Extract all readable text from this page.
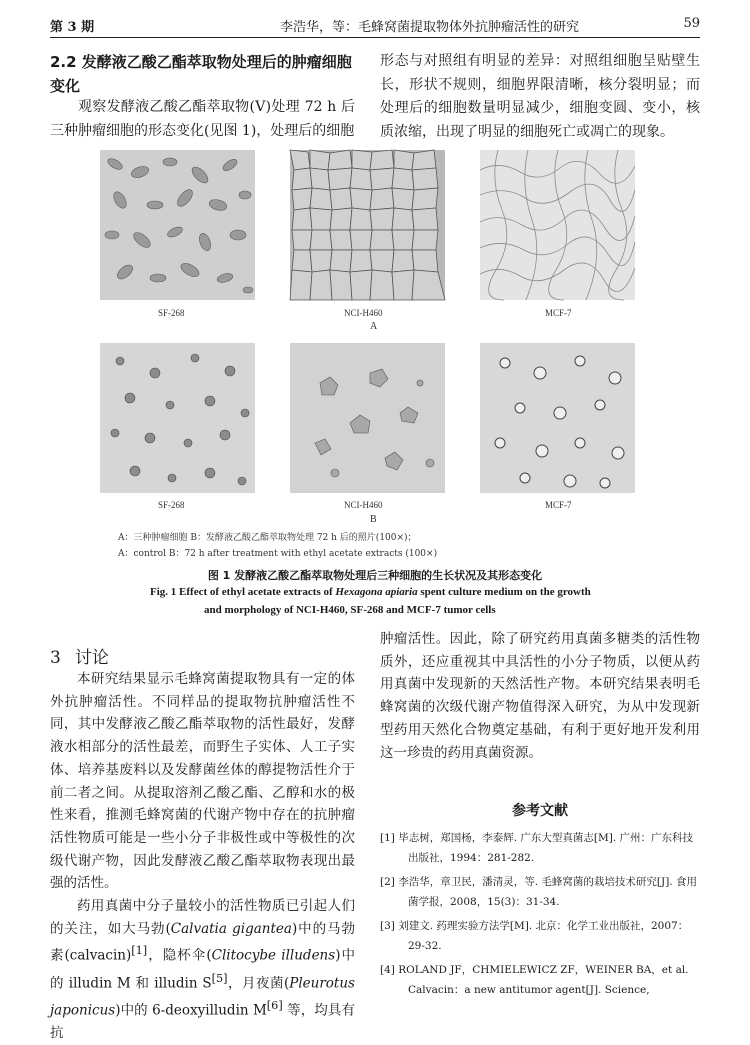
第 3 期	李浩华，等：毛蜂窝菌提取物体外抗肿瘤活性的研究	59
2.2 发酵液乙酸乙酯萃取物处理后的肿瘤细胞变化

观察发酵液乙酸乙酯萃取物(Ⅴ)处理 72 h 后三种肿瘤细胞的形态变化(见图 1)，处理后的细胞

形态与对照组有明显的差异：对照组细胞呈贴壁生长，形状不规则，细胞界限清晰，核分裂明显；而处理后的细胞数量明显减少，细胞变圆、变小，核质浓缩，出现了明显的细胞死亡或凋亡的现象。

SF-268	NCI-H460	MCF-7
A
SF-268	NCI-H460	MCF-7
B
A：三种肿瘤细胞 B：发酵液乙酸乙酯萃取物处理 72 h 后的照片(100×)；
A：control B：72 h after treatment with ethyl acetate extracts (100×)
图 1 发酵液乙酸乙酯萃取物处理后三种细胞的生长状况及其形态变化
Fig. 1 Effect of ethyl acetate extracts of Hexagona apiaria spent culture medium on the growth
and morphology of NCI-H460, SF-268 and MCF-7 tumor cells
3 讨论

本研究结果显示毛蜂窝菌提取物具有一定的体外抗肿瘤活性。不同样品的提取物抗肿瘤活性不同，其中发酵液乙酸乙酯萃取物的活性最好，发酵液水相部分的活性最差，而野生子实体、人工子实体、培养基废料以及发酵菌丝体的醇提物活性介于前二者之间。从提取溶剂乙酸乙酯、乙醇和水的极性来看，推测毛蜂窝菌的代谢产物中存在的抗肿瘤活性物质可能是一些小分子非极性或中等极性的次级代谢产物，因此发酵液乙酸乙酯萃取物表现出最强的活性。

药用真菌中分子量较小的活性物质已引起人们的关注，如大马勃(Calvatia gigantea)中的马勃素(calvacin)[1]，隐杯伞(Clitocybe illudens)中的 illudin M 和 illudin S[5]，月夜菌(Pleurotus japonicus)中的 6-deoxyilludin M[6] 等，均具有抗

肿瘤活性。因此，除了研究药用真菌多糖类的活性物质外，还应重视其中具活性的小分子物质，以便从药用真菌中发现新的天然活性产物。本研究结果表明毛蜂窝菌的次级代谢产物值得深入研究，为从中发现新型药用天然化合物奠定基础，有利于更好地开发利用这一珍贵的药用真菌资源。

参考文献
[1] 毕志树，郑国杨，李泰辉. 广东大型真菌志[M]. 广州：广东科技出版社，1994：281-282.
[2] 李浩华，章卫民，潘清灵，等. 毛蜂窝菌的栽培技术研究[J]. 食用菌学报，2008，15(3)：31-34.
[3] 刘建文. 药理实验方法学[M]. 北京：化学工业出版社，2007：29-32.
[4] ROLAND JF，CHMIELEWICZ ZF，WEINER BA，et al. Calvacin：a new antitumor agent[J]. Science,
